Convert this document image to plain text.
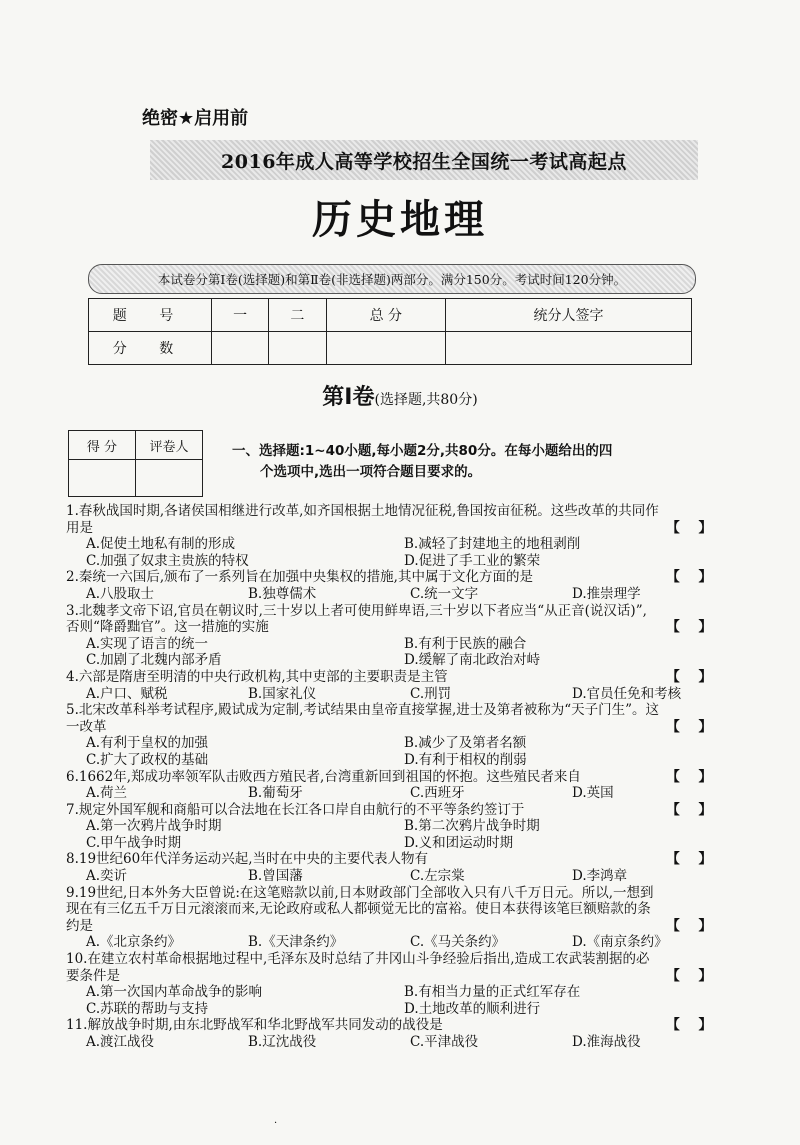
绝密★启用前
2016年成人高等学校招生全国统一考试高起点
历史地理
本试卷分第Ⅰ卷(选择题)和第Ⅱ卷(非选择题)两部分。满分150分。考试时间120分钟。
题 号	一	二	总 分	统分人签字
分 数				
第Ⅰ卷(选择题,共80分)
得 分	评卷人
		一、选择题:1~40小题,每小题2分,共80分。在每小题给出的四
个选项中,选出一项符合题目要求的。
1.春秋战国时期,各诸侯国相继进行改革,如齐国根据土地情况征税,鲁国按亩征税。这些改革的共同作用是	【    】
A.促使土地私有制的形成	B.减轻了封建地主的地租剥削
C.加强了奴隶主贵族的特权	D.促进了手工业的繁荣
2.秦统一六国后,颁布了一系列旨在加强中央集权的措施,其中属于文化方面的是	【    】
A.八股取士	B.独尊儒术	C.统一文字	D.推崇理学
3.北魏孝文帝下诏,官员在朝议时,三十岁以上者可使用鲜卑语,三十岁以下者应当“从正音(说汉话)”,否则“降爵黜官”。这一措施的实施	【    】
A.实现了语言的统一	B.有利于民族的融合
C.加剧了北魏内部矛盾	D.缓解了南北政治对峙
4.六部是隋唐至明清的中央行政机构,其中吏部的主要职责是主管	【    】
A.户口、赋税	B.国家礼仪	C.刑罚	D.官员任免和考核
5.北宋改革科举考试程序,殿试成为定制,考试结果由皇帝直接掌握,进士及第者被称为“天子门生”。这一改革	【    】
A.有利于皇权的加强	B.减少了及第者名额
C.扩大了政权的基础	D.有利于相权的削弱
6.1662年,郑成功率领军队击败西方殖民者,台湾重新回到祖国的怀抱。这些殖民者来自	【    】
A.荷兰	B.葡萄牙	C.西班牙	D.英国
7.规定外国军舰和商船可以合法地在长江各口岸自由航行的不平等条约签订于	【    】
A.第一次鸦片战争时期	B.第二次鸦片战争时期
C.甲午战争时期	D.义和团运动时期
8.19世纪60年代洋务运动兴起,当时在中央的主要代表人物有	【    】
A.奕䜣	B.曾国藩	C.左宗棠	D.李鸿章
9.19世纪,日本外务大臣曾说:在这笔赔款以前,日本财政部门全部收入只有八千万日元。所以,一想到现在有三亿五千万日元滚滚而来,无论政府或私人都顿觉无比的富裕。使日本获得该笔巨额赔款的条约是	【    】
A.《北京条约》	B.《天津条约》	C.《马关条约》	D.《南京条约》
10.在建立农村革命根据地过程中,毛泽东及时总结了井冈山斗争经验后指出,造成工农武装割据的必要条件是	【    】
A.第一次国内革命战争的影响	B.有相当力量的正式红军存在
C.苏联的帮助与支持	D.土地改革的顺利进行
11.解放战争时期,由东北野战军和华北野战军共同发动的战役是	【    】
A.渡江战役	B.辽沈战役	C.平津战役	D.淮海战役
·
